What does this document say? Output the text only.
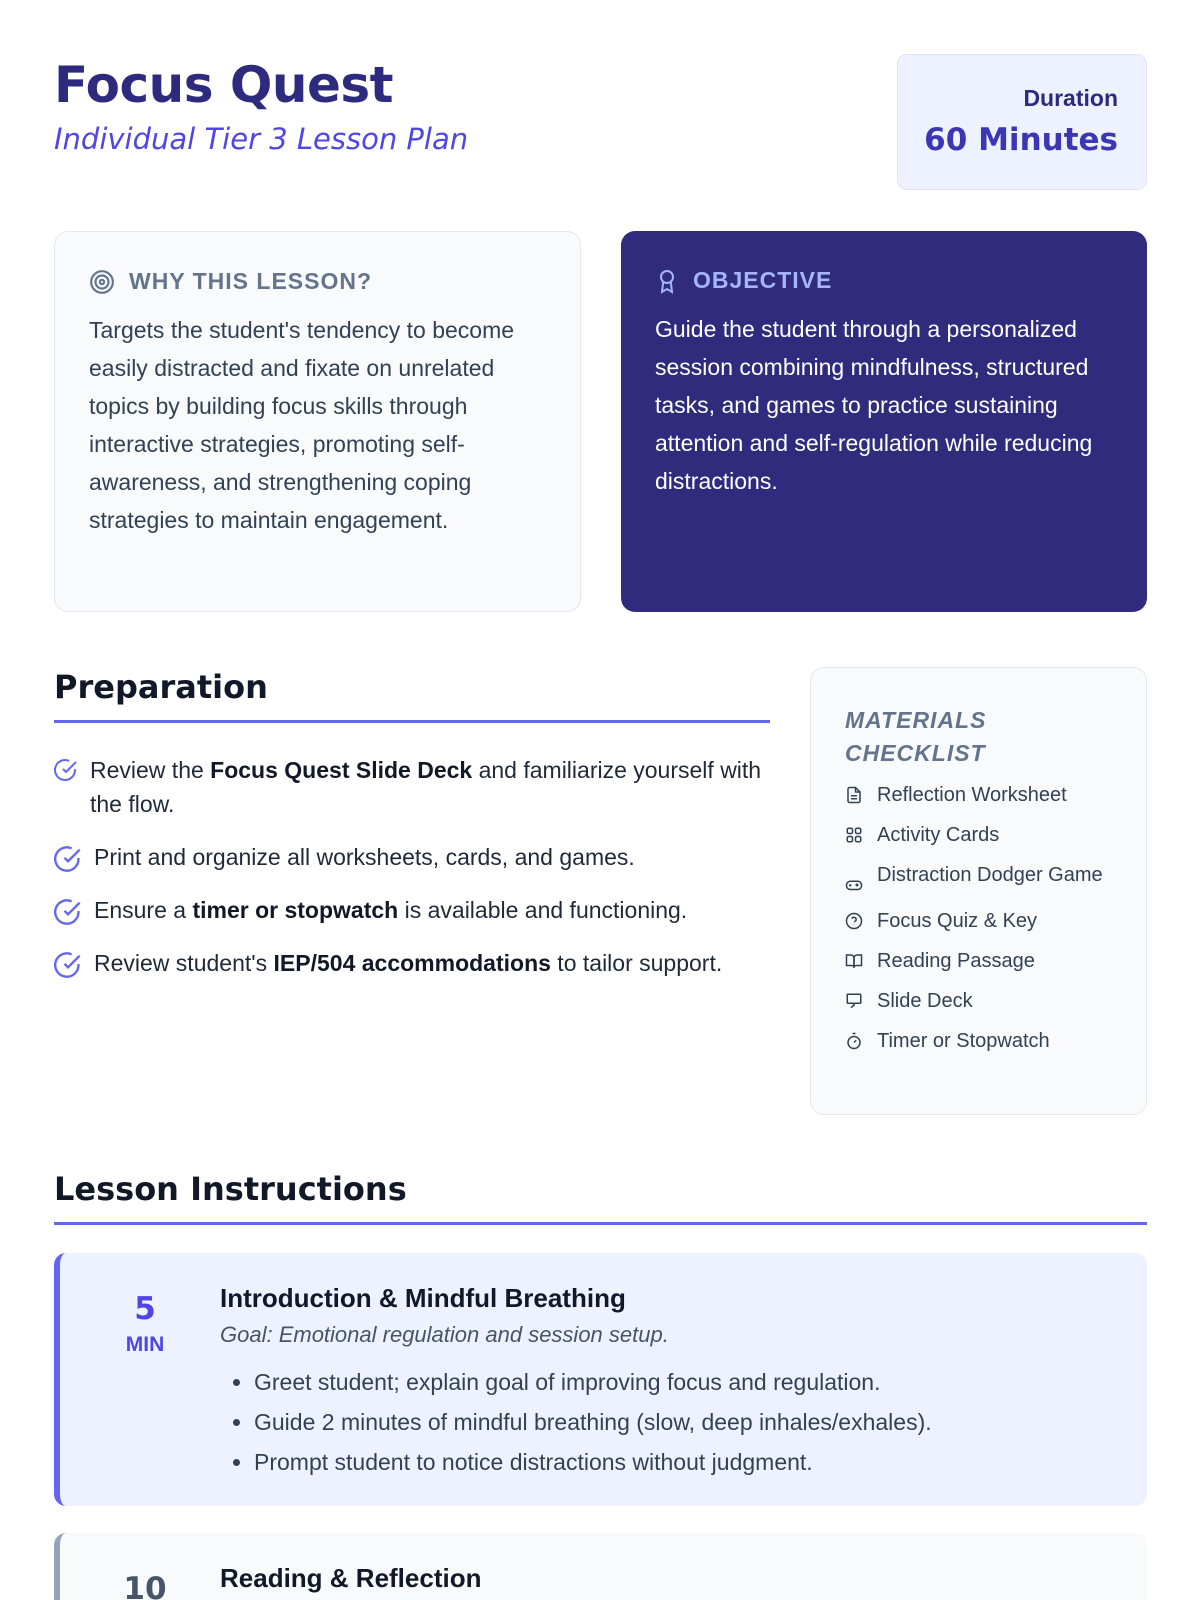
Focus Quest
Individual Tier 3 Lesson Plan
Duration
60 Minutes
WHY THIS LESSON?

Targets the student's tendency to become easily distracted and fixate on unrelated topics by building focus skills through interactive strategies, promoting self-awareness, and strengthening coping strategies to maintain engagement.

OBJECTIVE

Guide the student through a personalized session combining mindfulness, structured tasks, and games to practice sustaining attention and self-regulation while reducing distractions.

Preparation
Review the Focus Quest Slide Deck and familiarize yourself with the flow.
Print and organize all worksheets, cards, and games.
Ensure a timer or stopwatch is available and functioning.
Review student's IEP/504 accommodations to tailor support.
MATERIALS
CHECKLIST
Reflection Worksheet
Activity Cards
Distraction Dodger Game
Focus Quiz & Key
Reading Passage
Slide Deck
Timer or Stopwatch
Lesson Instructions
5
MIN
Introduction & Mindful Breathing
Goal: Emotional regulation and session setup.
• Greet student; explain goal of improving focus and regulation.
• Guide 2 minutes of mindful breathing (slow, deep inhales/exhales).
• Prompt student to notice distractions without judgment.
10	Reading & Reflection
